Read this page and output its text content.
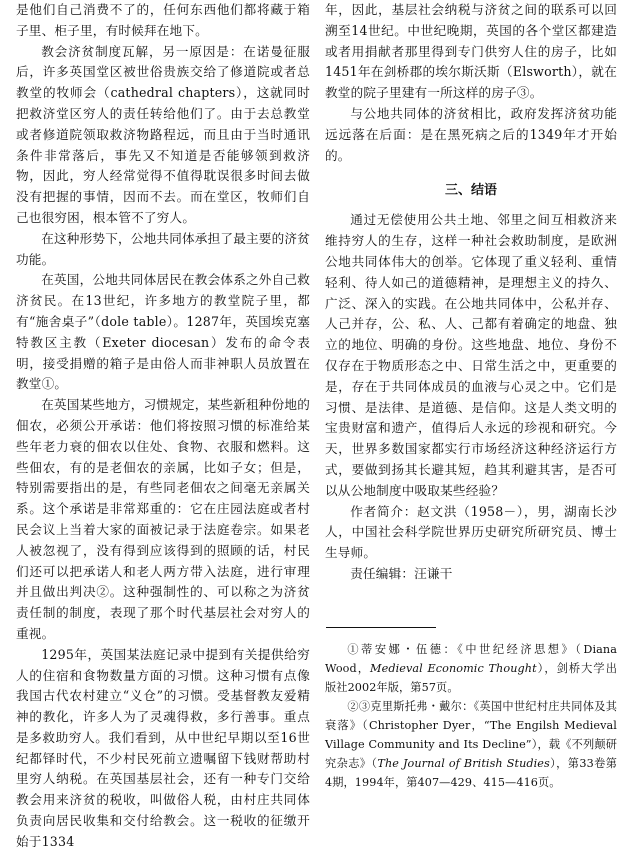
是他们自己消费不了的，任何东西他们都将藏于箱子里、柜子里，有时候拜在地下。

教会济贫制度瓦解，另一原因是：在诺曼征服后，许多英国堂区被世俗贵族交给了修道院或者总教堂的牧师会（cathedral chapters），这就同时把救济堂区穷人的责任转给他们了。由于去总教堂或者修道院领取救济物路程远，而且由于当时通讯条件非常落后，事先又不知道是否能够领到救济物，因此，穷人经常觉得不值得耽误很多时间去做没有把握的事情，因而不去。而在堂区，牧师们自己也很穷困，根本管不了穷人。

在这种形势下，公地共同体承担了最主要的济贫功能。

在英国，公地共同体居民在教会体系之外自己救济贫民。在13世纪，许多地方的教堂院子里，都有“施舍桌子”（dole table）。1287年，英国埃克塞特教区主教（Exeter diocesan）发布的命令表明，接受捐赠的箱子是由俗人而非神职人员放置在教堂①。

在英国某些地方，习惯规定，某些新租种份地的佃农，必须公开承诺：他们将按照习惯的标准给某些年老力衰的佃农以住处、食物、衣服和燃料。这些佃农，有的是老佃农的亲属，比如子女；但是，特别需要指出的是，有些同老佃农之间毫无亲属关系。这个承诺是非常郑重的：它在庄园法庭或者村民会议上当着大家的面被记录于法庭卷宗。如果老人被忽视了，没有得到应该得到的照顾的话，村民们还可以把承诺人和老人两方带入法庭，进行审理并且做出判决②。这种强制性的、可以称之为济贫责任制的制度，表现了那个时代基层社会对穷人的重视。

1295年，英国某法庭记录中提到有关提供给穷人的住宿和食物数量方面的习惯。这种习惯有点像我国古代农村建立“义仓”的习惯。受基督教友爱精神的教化，许多人为了灵魂得救，多行善事。重点是多救助穷人。我们看到，从中世纪早期以至16世纪都铎时代，不少村民死前立遗嘱留下钱财帮助村里穷人纳税。在英国基层社会，还有一种专门交给教会用来济贫的税收，叫做俗人税，由村庄共同体负责向居民收集和交付给教会。这一税收的征缴开始于1334

年，因此，基层社会纳税与济贫之间的联系可以回溯至14世纪。中世纪晚期，英国的各个堂区都建造或者用捐献者那里得到专门供穷人住的房子，比如1451年在剑桥郡的埃尔斯沃斯（Elsworth），就在教堂的院子里建有一所这样的房子③。

与公地共同体的济贫相比，政府发挥济贫功能远远落在后面：是在黑死病之后的1349年才开始的。

三、结语

通过无偿使用公共土地、邻里之间互相救济来维持穷人的生存，这样一种社会救助制度，是欧洲公地共同体伟大的创举。它体现了重义轻利、重情轻利、待人如己的道德精神，是理想主义的持久、广泛、深入的实践。在公地共同体中，公私并存、人己并存，公、私、人、己都有着确定的地盘、独立的地位、明确的身份。这些地盘、地位、身份不仅存在于物质形态之中、日常生活之中，更重要的是，存在于共同体成员的血液与心灵之中。它们是习惯、是法律、是道德、是信仰。这是人类文明的宝贵财富和遗产，值得后人永远的珍视和研究。今天，世界多数国家都实行市场经济这种经济运行方式，要做到扬其长避其短，趋其利避其害，是否可以从公地制度中吸取某些经验？

作者简介：赵文洪（1958－），男，湖南长沙人，中国社会科学院世界历史研究所研究员、博士生导师。

责任编辑：汪谦干

①蒂安娜・伍德：《中世纪经济思想》（Diana Wood，Medieval Economic Thought），剑桥大学出版社2002年版，第57页。

②③克里斯托弗・戴尔：《英国中世纪村庄共同体及其衰落》（Christopher Dyer，“The Engilsh Medieval Village Community and Its Decline”），载《不列颠研究杂志》（The Journal of British Studies），第33卷第4期，1994年，第407—429、415—416页。
